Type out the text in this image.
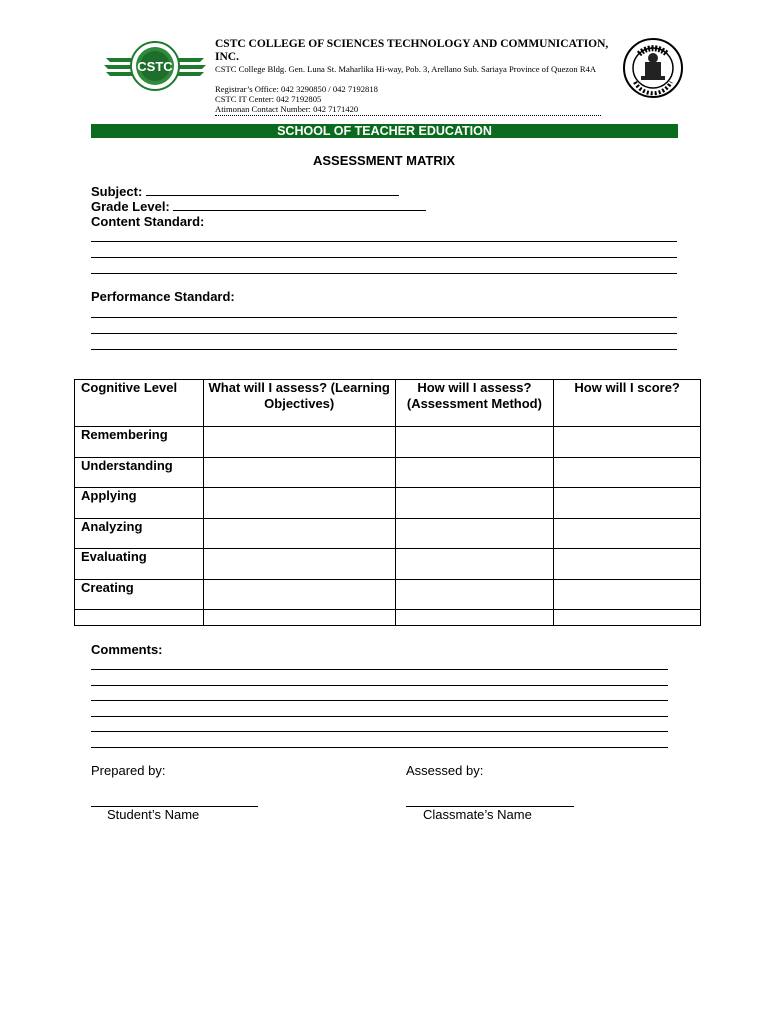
CSTC
CSTC COLLEGE OF SCIENCES TECHNOLOGY AND COMMUNICATION, INC.
CSTC College Bldg. Gen. Luna St. Maharlika Hi-way, Pob. 3, Arellano Sub. Sariaya Province of Quezon R4A
Registrar’s Office: 042 3290850 / 042 7192818
CSTC IT Center: 042 7192805
Atimonan Contact Number: 042 7171420
SCHOOL OF TEACHER EDUCATION
ASSESSMENT MATRIX
Subject:
Grade Level:
Content Standard:
Performance Standard:
Cognitive Level	What will I assess? (Learning Objectives)	How will I assess? (Assessment Method)	How will I score?
Remembering			
Understanding			
Applying			
Analyzing			
Evaluating			
Creating			

Comments:
Prepared by:	Assessed by:
Student’s Name	Classmate’s Name
